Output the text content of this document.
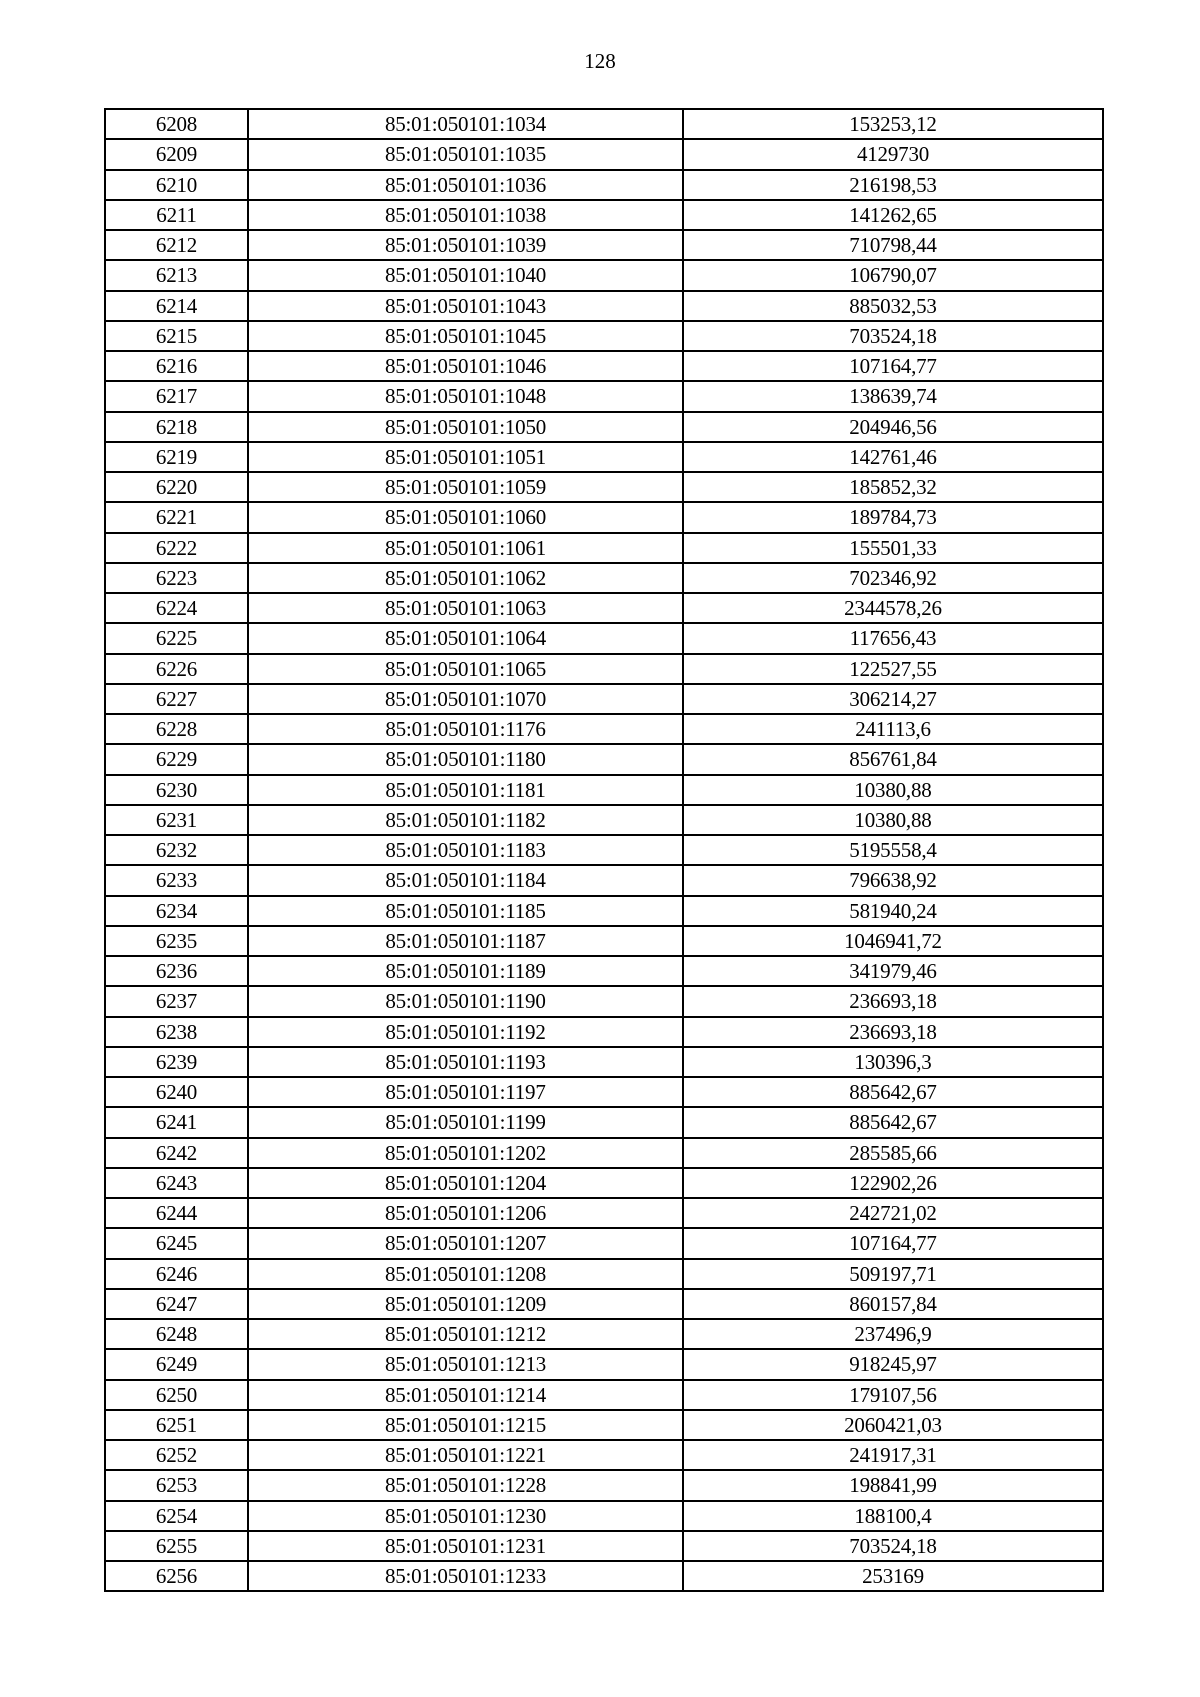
128
6208	85:01:050101:1034	153253,12
6209	85:01:050101:1035	4129730
6210	85:01:050101:1036	216198,53
6211	85:01:050101:1038	141262,65
6212	85:01:050101:1039	710798,44
6213	85:01:050101:1040	106790,07
6214	85:01:050101:1043	885032,53
6215	85:01:050101:1045	703524,18
6216	85:01:050101:1046	107164,77
6217	85:01:050101:1048	138639,74
6218	85:01:050101:1050	204946,56
6219	85:01:050101:1051	142761,46
6220	85:01:050101:1059	185852,32
6221	85:01:050101:1060	189784,73
6222	85:01:050101:1061	155501,33
6223	85:01:050101:1062	702346,92
6224	85:01:050101:1063	2344578,26
6225	85:01:050101:1064	117656,43
6226	85:01:050101:1065	122527,55
6227	85:01:050101:1070	306214,27
6228	85:01:050101:1176	241113,6
6229	85:01:050101:1180	856761,84
6230	85:01:050101:1181	10380,88
6231	85:01:050101:1182	10380,88
6232	85:01:050101:1183	5195558,4
6233	85:01:050101:1184	796638,92
6234	85:01:050101:1185	581940,24
6235	85:01:050101:1187	1046941,72
6236	85:01:050101:1189	341979,46
6237	85:01:050101:1190	236693,18
6238	85:01:050101:1192	236693,18
6239	85:01:050101:1193	130396,3
6240	85:01:050101:1197	885642,67
6241	85:01:050101:1199	885642,67
6242	85:01:050101:1202	285585,66
6243	85:01:050101:1204	122902,26
6244	85:01:050101:1206	242721,02
6245	85:01:050101:1207	107164,77
6246	85:01:050101:1208	509197,71
6247	85:01:050101:1209	860157,84
6248	85:01:050101:1212	237496,9
6249	85:01:050101:1213	918245,97
6250	85:01:050101:1214	179107,56
6251	85:01:050101:1215	2060421,03
6252	85:01:050101:1221	241917,31
6253	85:01:050101:1228	198841,99
6254	85:01:050101:1230	188100,4
6255	85:01:050101:1231	703524,18
6256	85:01:050101:1233	253169
